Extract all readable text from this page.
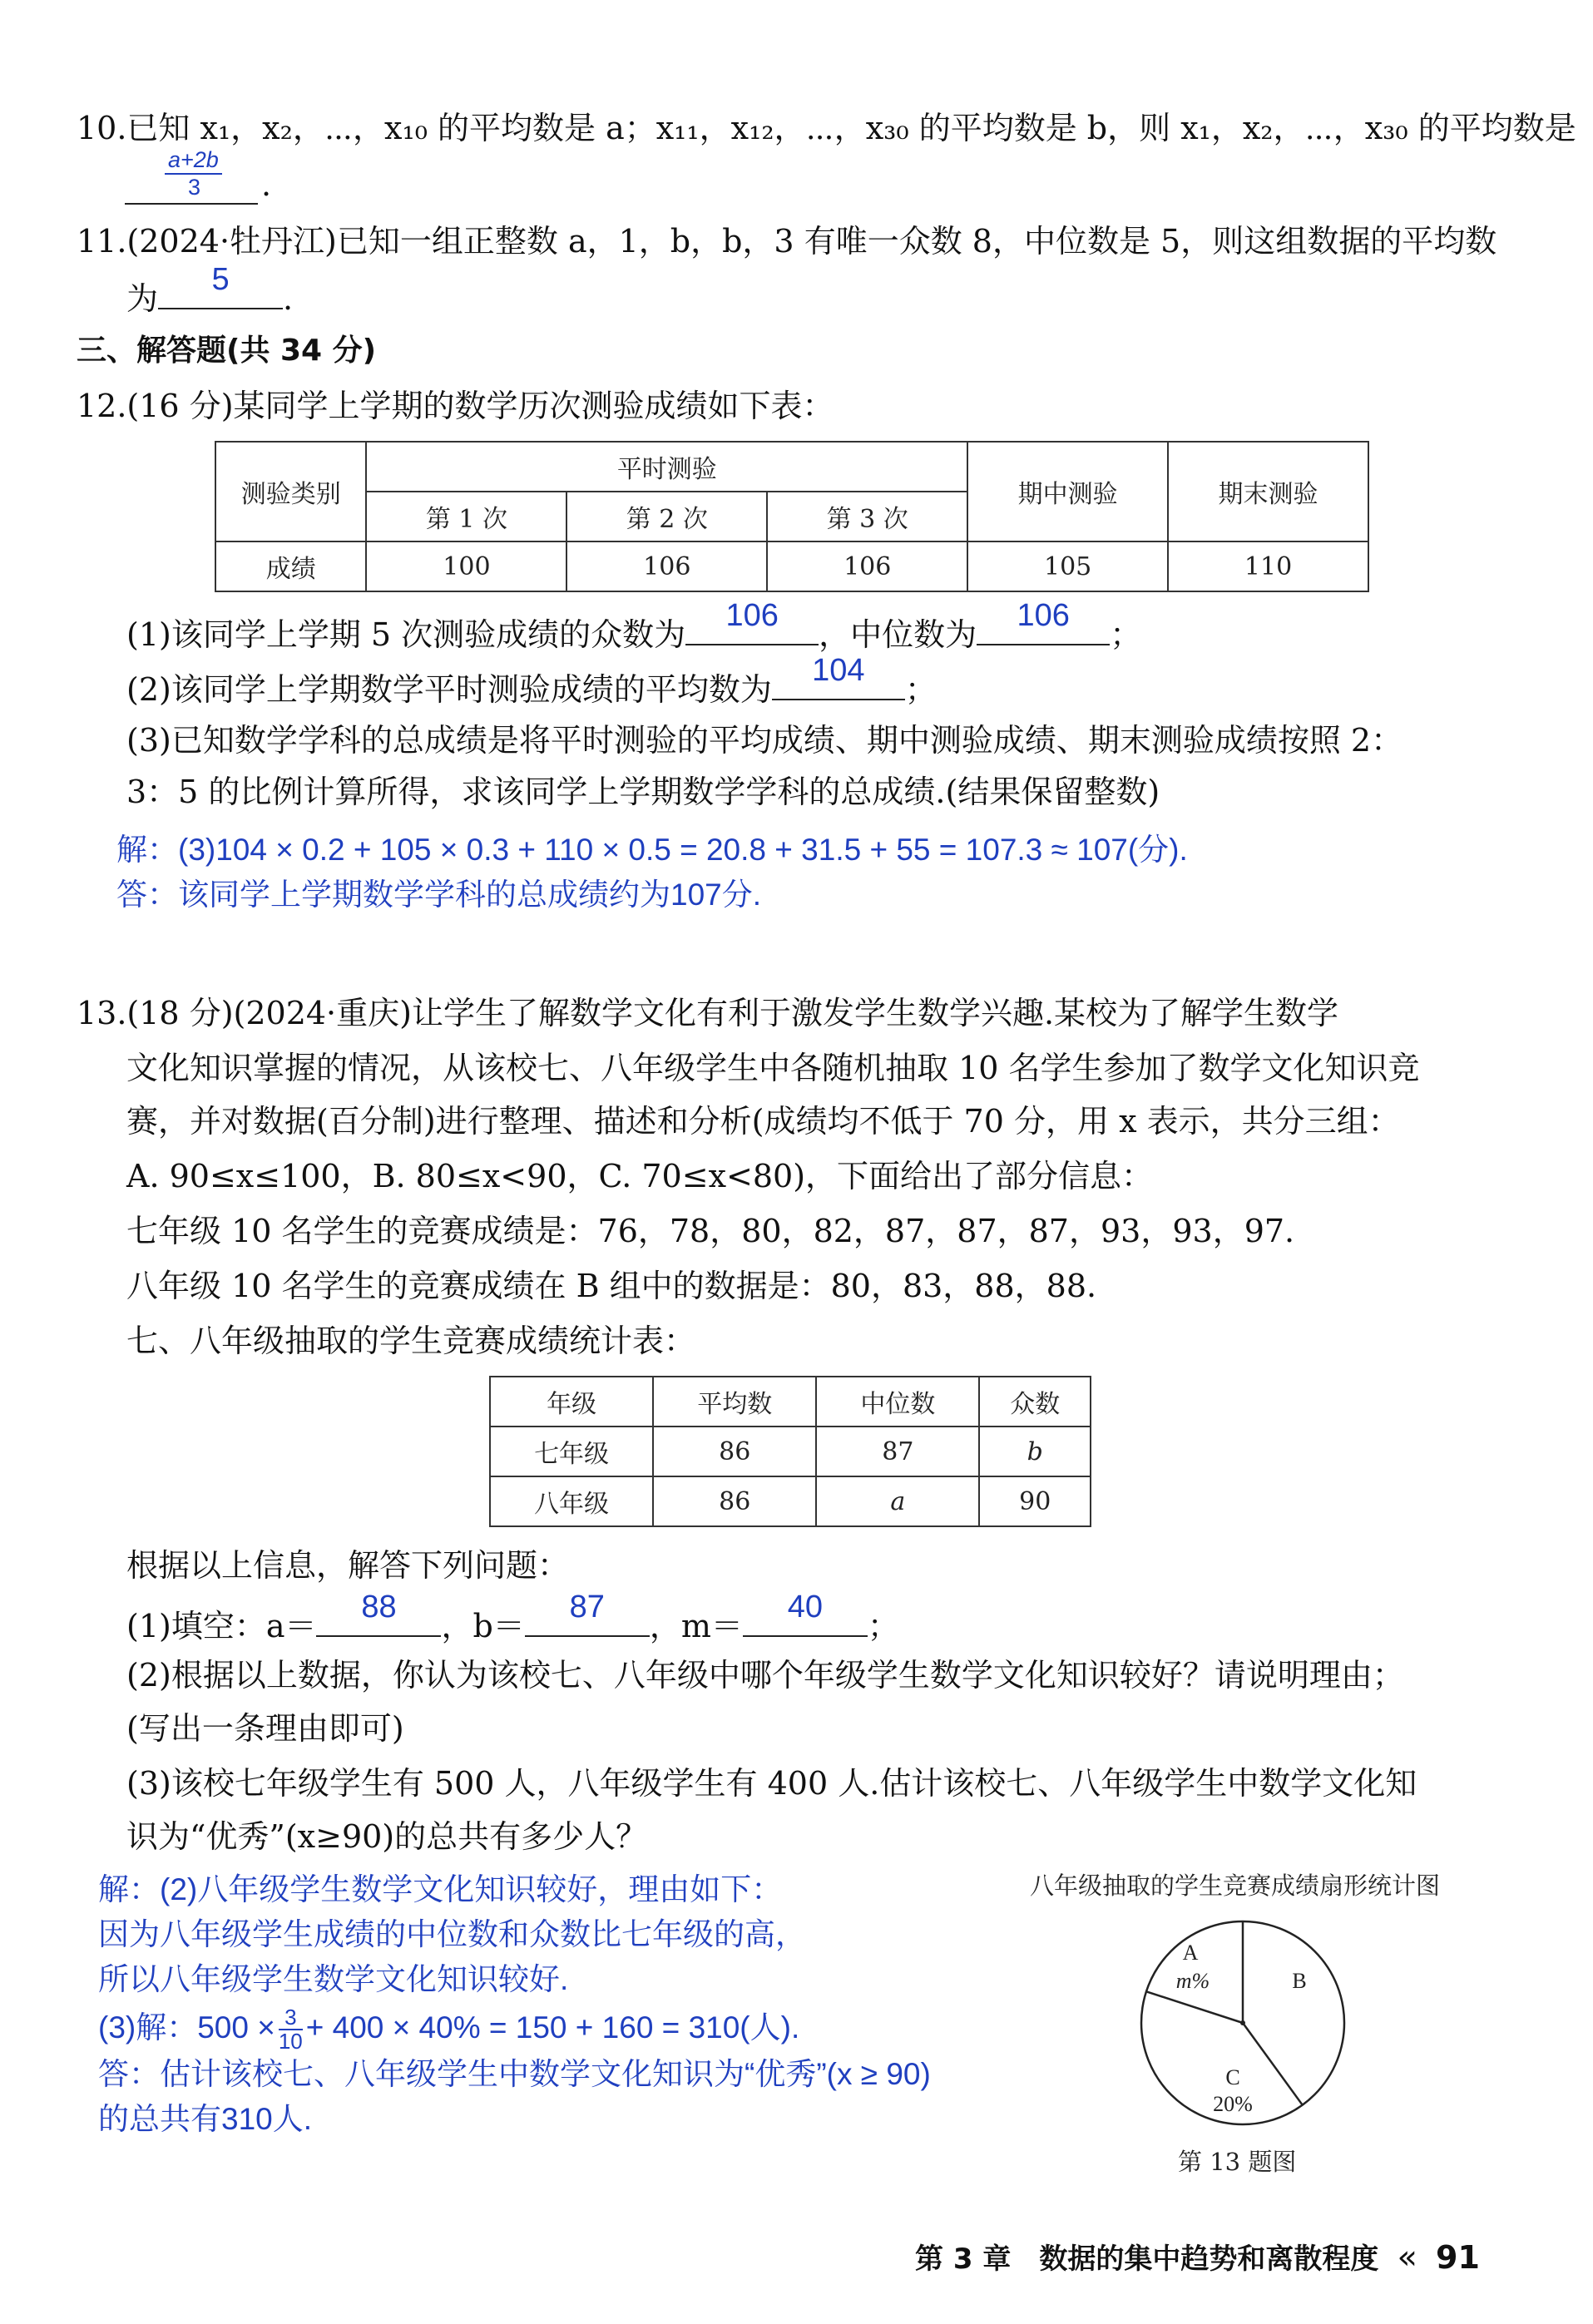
10.已知 x₁，x₂，⋯，x₁₀ 的平均数是 a；x₁₁，x₁₂，⋯，x₃₀ 的平均数是 b，则 x₁，x₂，⋯，x₃₀ 的平均数是
$\frac{a+2b}{3}$ .
11.(2024·牡丹江)已知一组正整数 a，1，b，b，3 有唯一众数 8，中位数是 5，则这组数据的平均数
为
5
.
三、解答题(共 34 分)
12.(16 分)某同学上学期的数学历次测验成绩如下表：
测验类别	平时测验			期中测验	期末测验
	第 1 次	第 2 次	第 3 次		
成绩	100	106	106	105	110
(1)该同学上学期 5 次测验成绩的众数为
106
，中位数为
106
；
(2)该同学上学期数学平时测验成绩的平均数为
104
；
(3)已知数学学科的总成绩是将平时测验的平均成绩、期中测验成绩、期末测验成绩按照 2：
3：5 的比例计算所得，求该同学上学期数学学科的总成绩.(结果保留整数)
解：(3)104 × 0.2 + 105 × 0.3 + 110 × 0.5 = 20.8 + 31.5 + 55 = 107.3 ≈ 107(分).
答：该同学上学期数学学科的总成绩约为107分.
13.(18 分)(2024·重庆)让学生了解数学文化有利于激发学生数学兴趣.某校为了解学生数学
文化知识掌握的情况，从该校七、八年级学生中各随机抽取 10 名学生参加了数学文化知识竞
赛，并对数据(百分制)进行整理、描述和分析(成绩均不低于 70 分，用 x 表示，共分三组：
A. 90≤x≤100，B. 80≤x<90，C. 70≤x<80)，下面给出了部分信息：
七年级 10 名学生的竞赛成绩是：76，78，80，82，87，87，87，93，93，97.
八年级 10 名学生的竞赛成绩在 B 组中的数据是：80，83，88，88.
七、八年级抽取的学生竞赛成绩统计表：
年级	平均数	中位数	众数
七年级	86	87	b
八年级	86	a	90
根据以上信息，解答下列问题：
(1)填空：a＝
88
，b＝
87
，m＝
40
；
(2)根据以上数据，你认为该校七、八年级中哪个年级学生数学文化知识较好？请说明理由；
(写出一条理由即可)
(3)该校七年级学生有 500 人，八年级学生有 400 人.估计该校七、八年级学生中数学文化知
识为“优秀”(x≥90)的总共有多少人？
解：(2)八年级学生数学文化知识较好，理由如下：
因为八年级学生成绩的中位数和众数比七年级的高，
所以八年级学生数学文化知识较好.
(3)解：$500 \times \frac{3}{10} + 400 \times 40\% = 150 + 160 = 310$(人).
答：估计该校七、八年级学生中数学文化知识为“优秀”(x ≥ 90)
的总共有310人.
八年级抽取的学生竞赛成绩扇形统计图
A
m%	B
C
20%
第 13 题图
第 3 章　数据的集中趋势和离散程度 « 91
